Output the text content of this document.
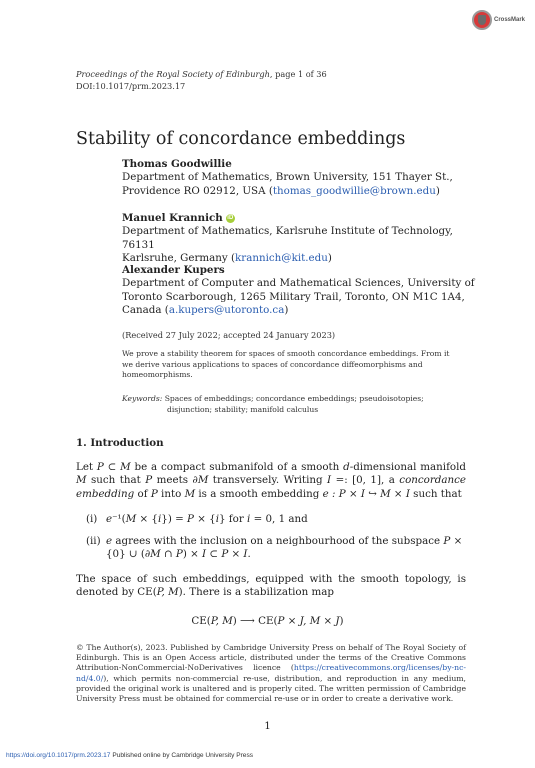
CrossMark
Proceedings of the Royal Society of Edinburgh, page 1 of 36
DOI:10.1017/prm.2023.17
Stability of concordance embeddings
Thomas Goodwillie
Department of Mathematics, Brown University, 151 Thayer St.,
Providence RO 02912, USA (thomas_goodwillie@brown.edu)
Manuel Krannich iD
Department of Mathematics, Karlsruhe Institute of Technology, 76131
Karlsruhe, Germany (krannich@kit.edu)
Alexander Kupers
Department of Computer and Mathematical Sciences, University of
Toronto Scarborough, 1265 Military Trail, Toronto, ON M1C 1A4,
Canada (a.kupers@utoronto.ca)
(Received 27 July 2022; accepted 24 January 2023)
We prove a stability theorem for spaces of smooth concordance embeddings. From it
we derive various applications to spaces of concordance diffeomorphisms and
homeomorphisms.
Keywords: Spaces of embeddings; concordance embeddings; pseudoisotopies;
disjunction; stability; manifold calculus
1. Introduction

Let P ⊂ M be a compact submanifold of a smooth d-dimensional manifold M such that P meets ∂M transversely. Writing I =: [0, 1], a concordance embedding of P into M is a smooth embedding e : P × I ↪ M × I such that

(i) e⁻¹(M × {i}) = P × {i} for i = 0, 1 and
(ii) e agrees with the inclusion on a neighbourhood of the subspace P × {0} ∪ (∂M ∩ P) × I ⊂ P × I.

The space of such embeddings, equipped with the smooth topology, is denoted by CE(P, M). There is a stabilization map

CE(P, M) ⟶ CE(P × J, M × J)

© The Author(s), 2023. Published by Cambridge University Press on behalf of The Royal Society of Edinburgh. This is an Open Access article, distributed under the terms of the Creative Commons Attribution-NonCommercial-NoDerivatives licence (https://creativecommons.org/licenses/by-nc-nd/4.0/), which permits non-commercial re-use, distribution, and reproduction in any medium, provided the original work is unaltered and is properly cited. The written permission of Cambridge University Press must be obtained for commercial re-use or in order to create a derivative work.

1
https://doi.org/10.1017/prm.2023.17 Published online by Cambridge University Press
